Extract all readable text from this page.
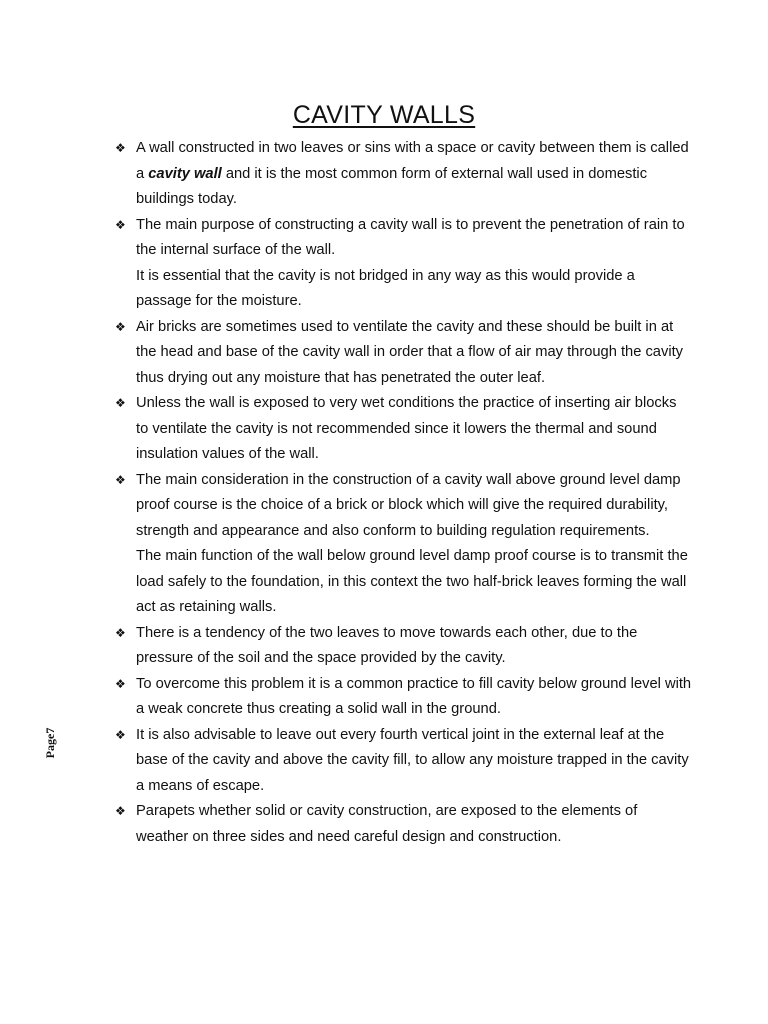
CAVITY WALLS
❖ A wall constructed in two leaves or sins with a space or cavity between them is called a cavity wall and it is the most common form of external wall used in domestic buildings today.

❖ The main purpose of constructing a cavity wall is to prevent the penetration of rain to the internal surface of the wall.

It is essential that the cavity is not bridged in any way as this would provide a passage for the moisture.

❖ Air bricks are sometimes used to ventilate the cavity and these should be built in at the head and base of the cavity wall in order that a flow of air may through the cavity thus drying out any moisture that has penetrated the outer leaf.

❖ Unless the wall is exposed to very wet conditions the practice of inserting air blocks to ventilate the cavity is not recommended since it lowers the thermal and sound insulation values of the wall.

❖ The main consideration in the construction of a cavity wall above ground level damp proof course is the choice of a brick or block which will give the required durability, strength and appearance and also conform to building regulation requirements.

The main function of the wall below ground level damp proof course is to transmit the load safely to the foundation, in this context the two half-brick leaves forming the wall act as retaining walls.

❖ There is a tendency of the two leaves to move towards each other, due to the pressure of the soil and the space provided by the cavity.

❖ To overcome this problem it is a common practice to fill cavity below ground level with a weak concrete thus creating a solid wall in the ground.

❖ It is also advisable to leave out every fourth vertical joint in the external leaf at the base of the cavity and above the cavity fill, to allow any moisture trapped in the cavity a means of escape.

❖ Parapets whether solid or cavity construction, are exposed to the elements of weather on three sides and need careful design and construction.

Page7
